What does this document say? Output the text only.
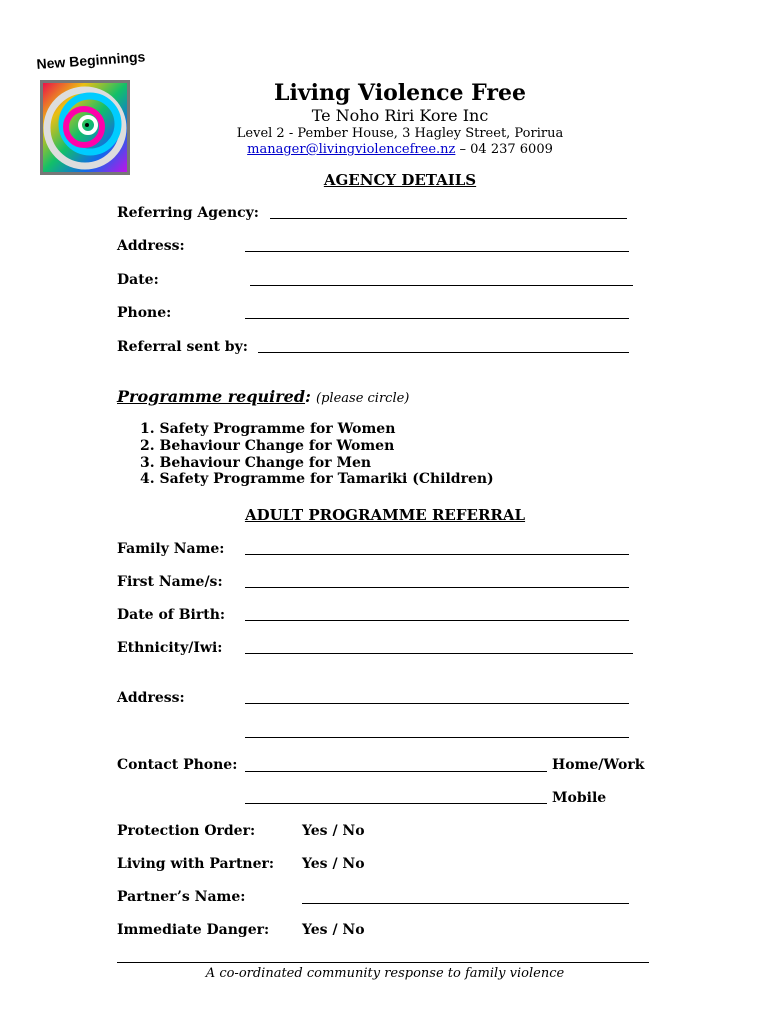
New Beginnings
Living Violence Free
Te Noho Riri Kore Inc
Level 2 - Pember House, 3 Hagley Street, Porirua
manager@livingviolencefree.nz – 04 237 6009
AGENCY DETAILS
Referring Agency:
Address:
Date:
Phone:
Referral sent by:
Programme required: (please circle)
1. Safety Programme for Women
2. Behaviour Change for Women
3. Behaviour Change for Men
4. Safety Programme for Tamariki (Children)
ADULT PROGRAMME REFERRAL
Family Name:
First Name/s:
Date of Birth:
Ethnicity/Iwi:
Address:
Contact Phone:	Home/Work
Mobile
Protection Order:	Yes / No
Living with Partner: Yes / No
Partner’s Name:
Immediate Danger: Yes / No
A co-ordinated community response to family violence
